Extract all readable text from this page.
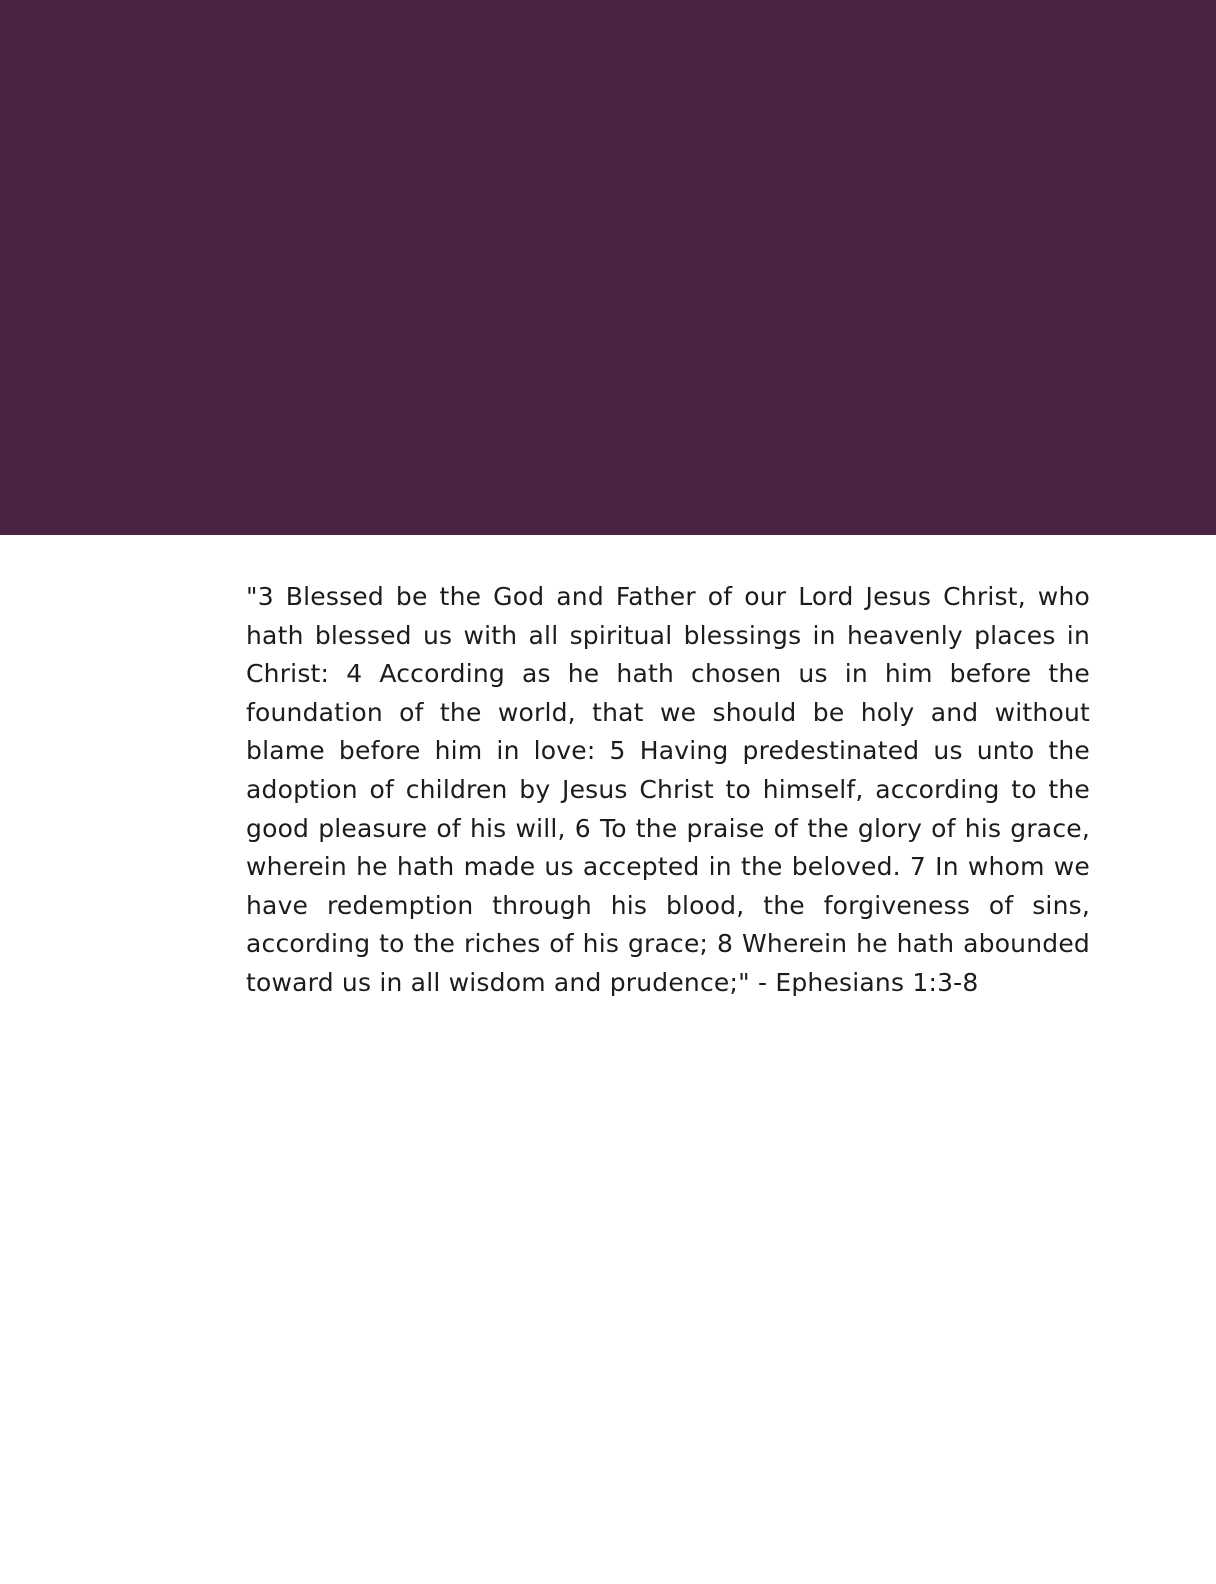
"3 Blessed be the God and Father of our Lord Jesus Christ, who hath blessed us with all spiritual blessings in heavenly places in Christ: 4 According as he hath chosen us in him before the foundation of the world, that we should be holy and without blame before him in love: 5 Having predestinated us unto the adoption of children by Jesus Christ to himself, according to the good pleasure of his will, 6 To the praise of the glory of his grace, wherein he hath made us accepted in the beloved. 7 In whom we have redemption through his blood, the forgiveness of sins, according to the riches of his grace; 8 Wherein he hath abounded toward us in all wisdom and prudence;" - Ephesians 1:3-8
